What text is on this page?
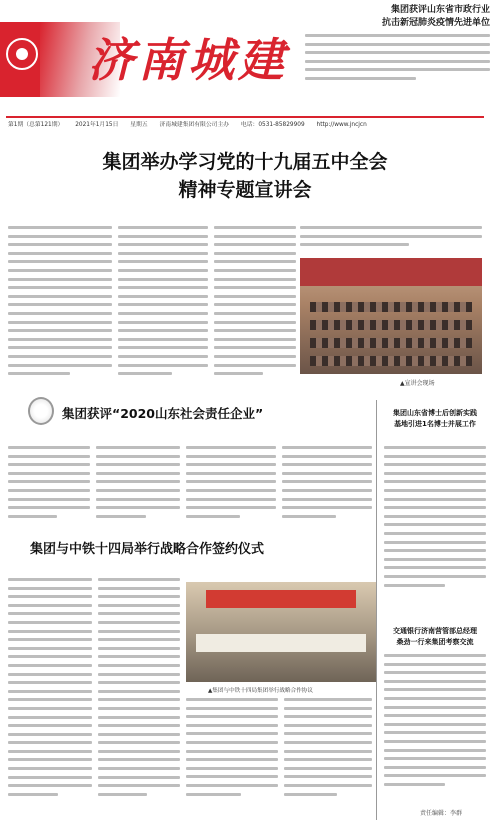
济南城建
集团获评山东省市政行业
抗击新冠肺炎疫情先进单位
第1期（总第121期） 2021年1月15日 星期五 济南城建集团有限公司主办 电话：0531-85829909 http://www.jncjcn
集团举办学习党的十九届五中全会
精神专题宣讲会
▲宣讲会现场
集团获评“2020山东社会责任企业”	集团山东省博士后创新实践
基地引进1名博士并展工作
集团与中铁十四局举行战略合作签约仪式
▲集团与中铁十四局集团举行战略合作协议
交通银行济南营管部总经理
桑劲一行来集团考察交流
责任编辑：李群
